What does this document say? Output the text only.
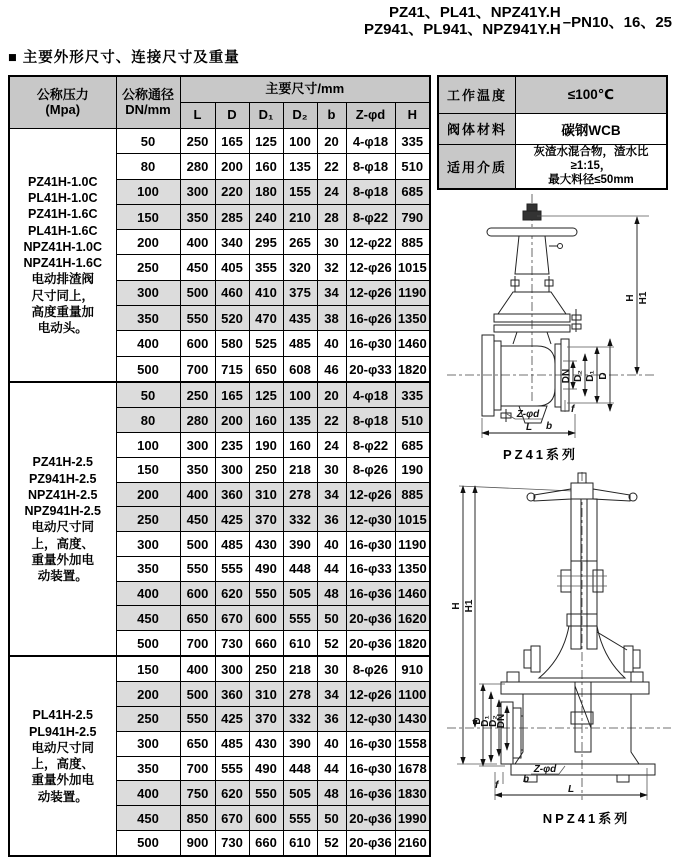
PZ41、PL41、NPZ41Y.H
PZ941、PL941、NPZ941Y.H –PN10、16、25
■ 主要外形尺寸、连接尺寸及重量
公称压力
(Mpa)

公称通径
DN/mm
	主要尺寸/mm
		L	D	D₁	D₂	b	Z-φd	H

PZ41H-1.0C
PL41H-1.0C
PZ41H-1.6C
PL41H-1.6C
NPZ41H-1.0C
NPZ41H-1.6C
电动排渣阀
尺寸同上，
高度重量加
电动头。
	50	250	165	125	100	20	4-φ18	335
	80	280	200	160	135	22	8-φ18	510
	100	300	220	180	155	24	8-φ18	685
	150	350	285	240	210	28	8-φ22	790
	200	400	340	295	265	30	12-φ22	885
	250	450	405	355	320	32	12-φ26	1015
	300	500	460	410	375	34	12-φ26	1190
	350	550	520	470	435	38	16-φ26	1350
	400	600	580	525	485	40	16-φ30	1460
	500	700	715	650	608	46	20-φ33	1820

PZ41H-2.5
PZ941H-2.5
NPZ41H-2.5
NPZ941H-2.5
电动尺寸同
上，高度、
重量外加电
动装置。
	50	250	165	125	100	20	4-φ18	335
	80	280	200	160	135	22	8-φ18	510
	100	300	235	190	160	24	8-φ22	685
	150	350	300	250	218	30	8-φ26	190
	200	400	360	310	278	34	12-φ26	885
	250	450	425	370	332	36	12-φ30	1015
	300	500	485	430	390	40	16-φ30	1190
	350	550	555	490	448	44	16-φ33	1350
	400	600	620	550	505	48	16-φ36	1460
	450	650	670	600	555	50	20-φ36	1620
	500	700	730	660	610	52	20-φ36	1820

PL41H-2.5
PL941H-2.5
电动尺寸同
上，高度、
重量外加电
动装置。
	150	400	300	250	218	30	8-φ26	910
	200	500	360	310	278	34	12-φ26	1100
	250	550	425	370	332	36	12-φ30	1430
	300	650	485	430	390	40	16-φ30	1558
	350	700	555	490	448	44	16-φ30	1678
	400	750	620	550	505	48	16-φ36	1830
	450	850	670	600	555	50	20-φ36	1990
	500	900	730	660	610	52	20-φ36	2160
工作温度	≤100℃
阀体材料	碳钢WCB
适用介质	灰渣水混合物，渣水比≥1:15，
最大料径≤50mm
DN D₂ D₁ D
H H1
Z-φd
b
f
L
PZ41系列
H H1
D
D₁
D₂
DN
Z-φd
b
f	L
NPZ41系列
